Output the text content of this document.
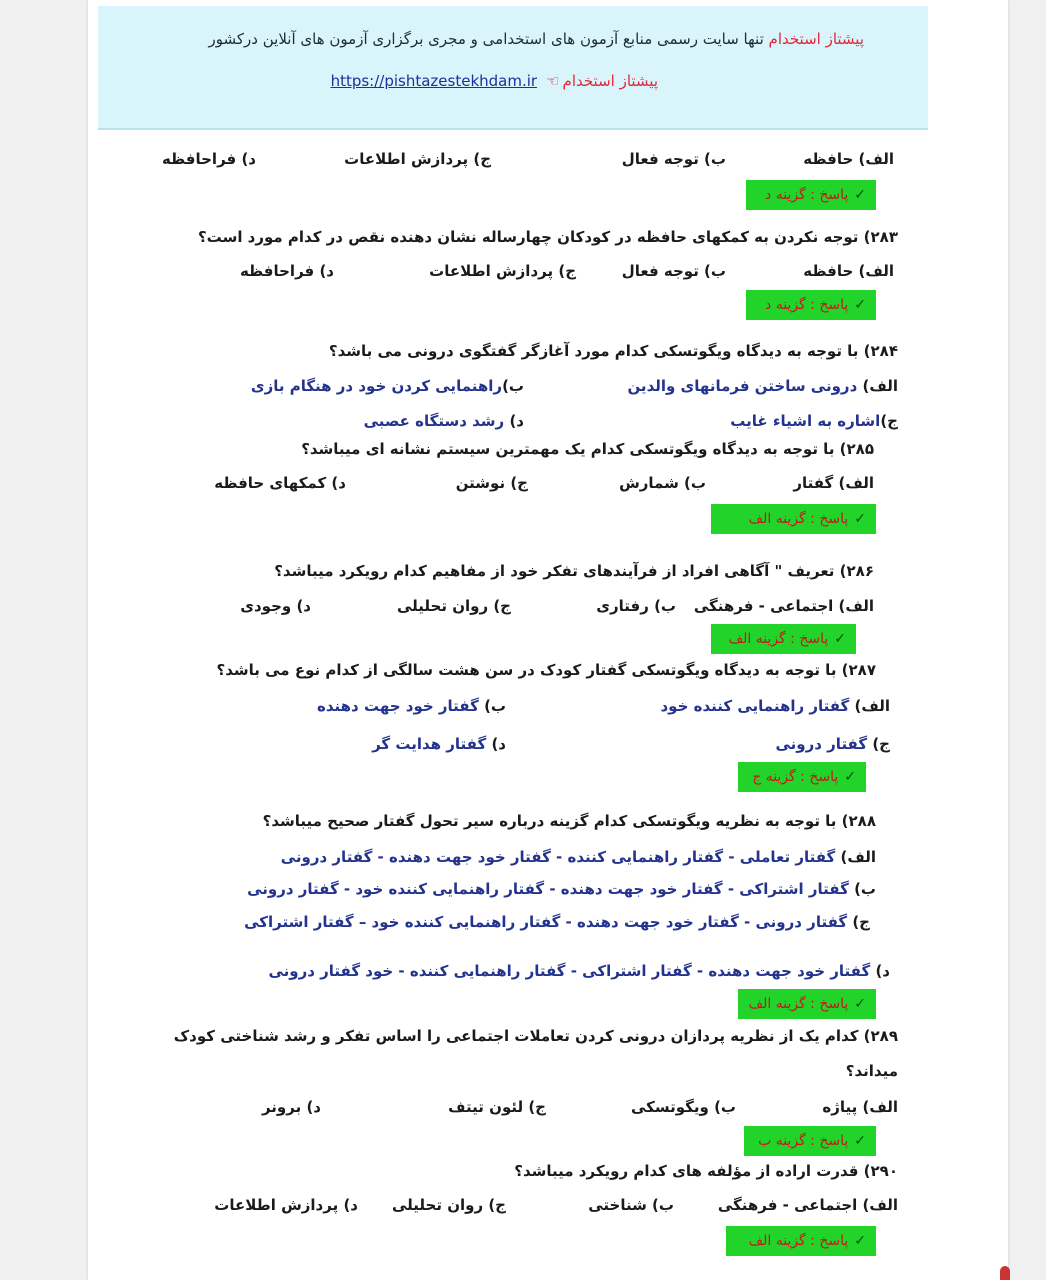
پیشتاز استخدام تنها سایت رسمی منابع آزمون های استخدامی و مجری برگزاری آزمون های آنلاین درکشور
پیشتاز استخدام☜https://pishtazestekhdam.ir
الف) حافظه
ب) توجه فعال
ج) پردازش اطلاعات
د) فراحافظه
✓پاسخ : گزینه د
۲۸۳) توجه نکردن به کمکهای حافظه در کودکان چهارساله نشان دهنده نقص در کدام مورد است؟
الف) حافظه
ب) توجه فعال
ج) پردازش اطلاعات
د) فراحافظه
✓پاسخ : گزینه د
۲۸۴) با توجه به دیدگاه ویگوتسکی کدام مورد آغازگر گفتگوی درونی می باشد؟
الف) درونی ساختن فرمانهای والدین
ب)راهنمایی کردن خود در هنگام بازی
ج)اشاره به اشیاء غایب
د) رشد دستگاه عصبی
۲۸۵) با توجه به دیدگاه ویگوتسکی کدام یک مهمترین سیستم نشانه ای میباشد؟
الف) گفتار
ب) شمارش
ج) نوشتن
د) کمکهای حافظه
✓پاسخ : گزینه الف
۲۸۶) تعریف " آگاهی افراد از فرآیندهای تفکر خود از مفاهیم کدام رویکرد میباشد؟
الف) اجتماعی - فرهنگی
ب) رفتاری
ج) روان تحلیلی
د) وجودی
✓پاسخ : گزینه الف
۲۸۷) با توجه به دیدگاه ویگوتسکی گفتار کودک در سن هشت سالگی از کدام نوع می باشد؟
الف) گفتار راهنمایی کننده خود
ب) گفتار خود جهت دهنده
ج) گفتار درونی
د) گفتار هدایت گر
✓پاسخ : گزینه ج
۲۸۸) با توجه به نظریه ویگوتسکی کدام گزینه درباره سیر تحول گفتار صحیح میباشد؟
الف) گفتار تعاملی - گفتار راهنمایی کننده - گفتار خود جهت دهنده - گفتار درونی
ب) گفتار اشتراکی - گفتار خود جهت دهنده - گفتار راهنمایی کننده خود - گفتار درونی
ج) گفتار درونی - گفتار خود جهت دهنده - گفتار راهنمایی کننده خود – گفتار اشتراکی
د) گفتار خود جهت دهنده - گفتار اشتراکی - گفتار راهنمایی کننده - خود گفتار درونی
✓پاسخ : گزینه الف
۲۸۹) کدام یک از نظریه پردازان درونی کردن تعاملات اجتماعی را اساس تفکر و رشد شناختی کودک
میداند؟
الف) پیاژه
ب) ویگوتسکی
ج) لئون تیتف
د) برونر
✓پاسخ : گزینه ب
۲۹۰) قدرت اراده از مؤلفه های کدام رویکرد میباشد؟
الف) اجتماعی - فرهنگی
ب) شناختی
ج) روان تحلیلی
د) پردازش اطلاعات
✓پاسخ : گزینه الف
